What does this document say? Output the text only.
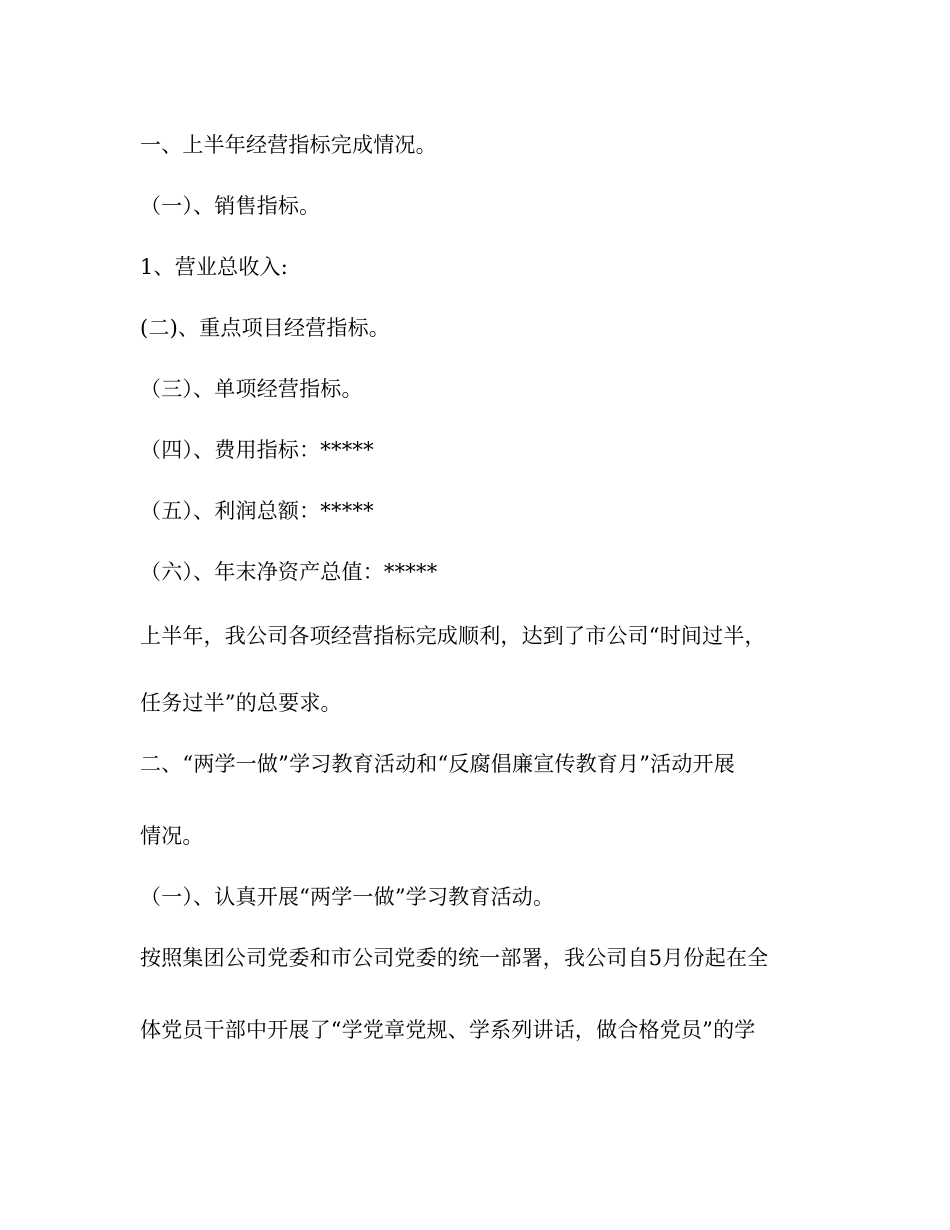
一、上半年经营指标完成情况。
（一）、销售指标。
1、营业总收入:
(二)、重点项目经营指标。
（三）、单项经营指标。
（四）、费用指标：*****
（五）、利润总额：*****
（六）、年末净资产总值：*****
上半年，我公司各项经营指标完成顺利，达到了市公司“时间过半，
任务过半”的总要求。
二、“两学一做”学习教育活动和“反腐倡廉宣传教育月”活动开展
情况。
（一）、认真开展“两学一做”学习教育活动。
按照集团公司党委和市公司党委的统一部署，我公司自5月份起在全
体党员干部中开展了“学党章党规、学系列讲话，做合格党员”的学
